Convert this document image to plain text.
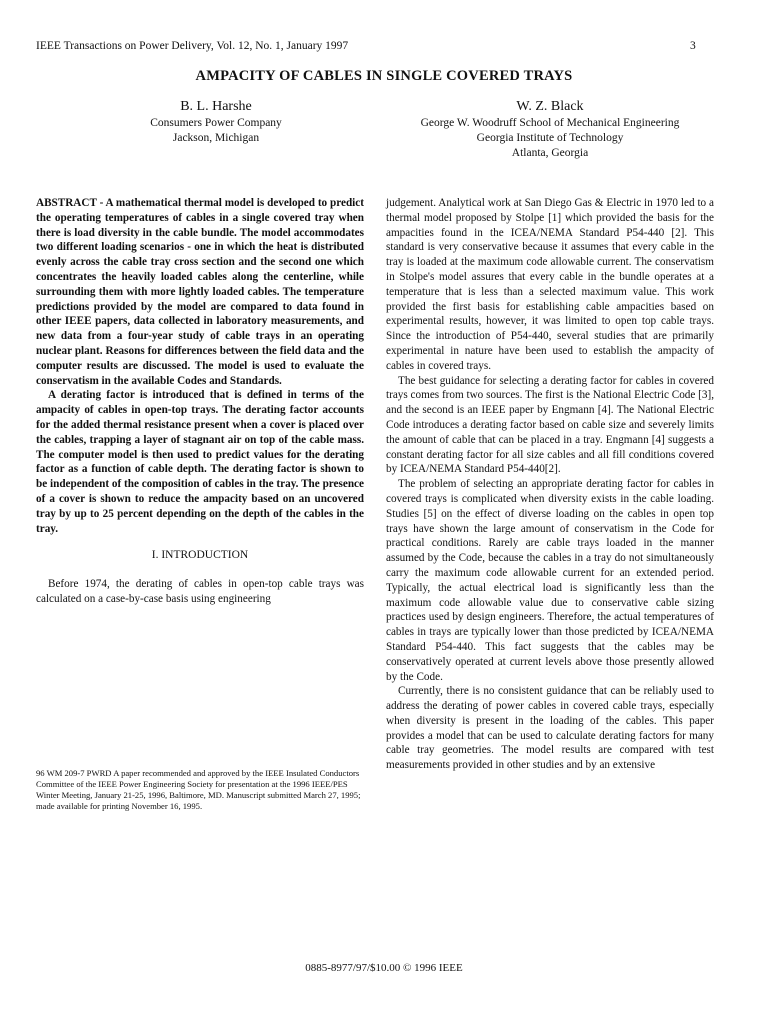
IEEE Transactions on Power Delivery, Vol. 12, No. 1, January 1997	3
AMPACITY OF CABLES IN SINGLE COVERED TRAYS
B. L. Harshe
Consumers Power Company
Jackson, Michigan
W. Z. Black
George W. Woodruff School of Mechanical Engineering
Georgia Institute of Technology
Atlanta, Georgia

ABSTRACT - A mathematical thermal model is developed to predict the operating temperatures of cables in a single covered tray when there is load diversity in the cable bundle. The model accommodates two different loading scenarios - one in which the heat is distributed evenly across the cable tray cross section and the second one which concentrates the heavily loaded cables along the centerline, while surrounding them with more lightly loaded cables. The temperature predictions provided by the model are compared to data found in other IEEE papers, data collected in laboratory measurements, and new data from a four-year study of cable trays in an operating nuclear plant. Reasons for differences between the field data and the computer results are discussed. The model is used to evaluate the conservatism in the available Codes and Standards.

A derating factor is introduced that is defined in terms of the ampacity of cables in open-top trays. The derating factor accounts for the added thermal resistance present when a cover is placed over the cables, trapping a layer of stagnant air on top of the cable mass. The computer model is then used to predict values for the derating factor as a function of cable depth. The derating factor is shown to be independent of the composition of cables in the tray. The presence of a cover is shown to reduce the ampacity based on an uncovered tray by up to 25 percent depending on the depth of the cables in the tray.

I. INTRODUCTION

Before 1974, the derating of cables in open-top cable trays was calculated on a case-by-case basis using engineering

96 WM 209-7 PWRD A paper recommended and approved by the IEEE Insulated Conductors Committee of the IEEE Power Engineering Society for presentation at the 1996 IEEE/PES Winter Meeting, January 21-25, 1996, Baltimore, MD. Manuscript submitted March 27, 1995; made available for printing November 16, 1995.

judgement. Analytical work at San Diego Gas & Electric in 1970 led to a thermal model proposed by Stolpe [1] which provided the basis for the ampacities found in the ICEA/NEMA Standard P54-440 [2]. This standard is very conservative because it assumes that every cable in the tray is loaded at the maximum code allowable current. The conservatism in Stolpe's model assures that every cable in the bundle operates at a temperature that is less than a selected maximum value. This work provided the first basis for establishing cable ampacities based on experimental results, however, it was limited to open top cable trays. Since the introduction of P54-440, several studies that are primarily experimental in nature have been used to establish the ampacity of cables in covered trays.

The best guidance for selecting a derating factor for cables in covered trays comes from two sources. The first is the National Electric Code [3], and the second is an IEEE paper by Engmann [4]. The National Electric Code introduces a derating factor based on cable size and severely limits the amount of cable that can be placed in a tray. Engmann [4] suggests a constant derating factor for all size cables and all fill conditions covered by ICEA/NEMA Standard P54-440[2].

The problem of selecting an appropriate derating factor for cables in covered trays is complicated when diversity exists in the cable loading. Studies [5] on the effect of diverse loading on the cables in open top trays have shown the large amount of conservatism in the Code for practical conditions. Rarely are cable trays loaded in the manner assumed by the Code, because the cables in a tray do not simultaneously carry the maximum code allowable current for an extended period. Typically, the actual electrical load is significantly less than the maximum code allowable value due to conservative cable sizing practices used by design engineers. Therefore, the actual temperatures of cables in trays are typically lower than those predicted by ICEA/NEMA Standard P54-440. This fact suggests that the cables may be conservatively operated at current levels above those presently allowed by the Code.

Currently, there is no consistent guidance that can be reliably used to address the derating of power cables in covered cable trays, especially when diversity is present in the loading of the cables. This paper provides a model that can be used to calculate derating factors for many cable tray geometries. The model results are compared with test measurements provided in other studies and by an extensive

0885-8977/97/$10.00 © 1996 IEEE
